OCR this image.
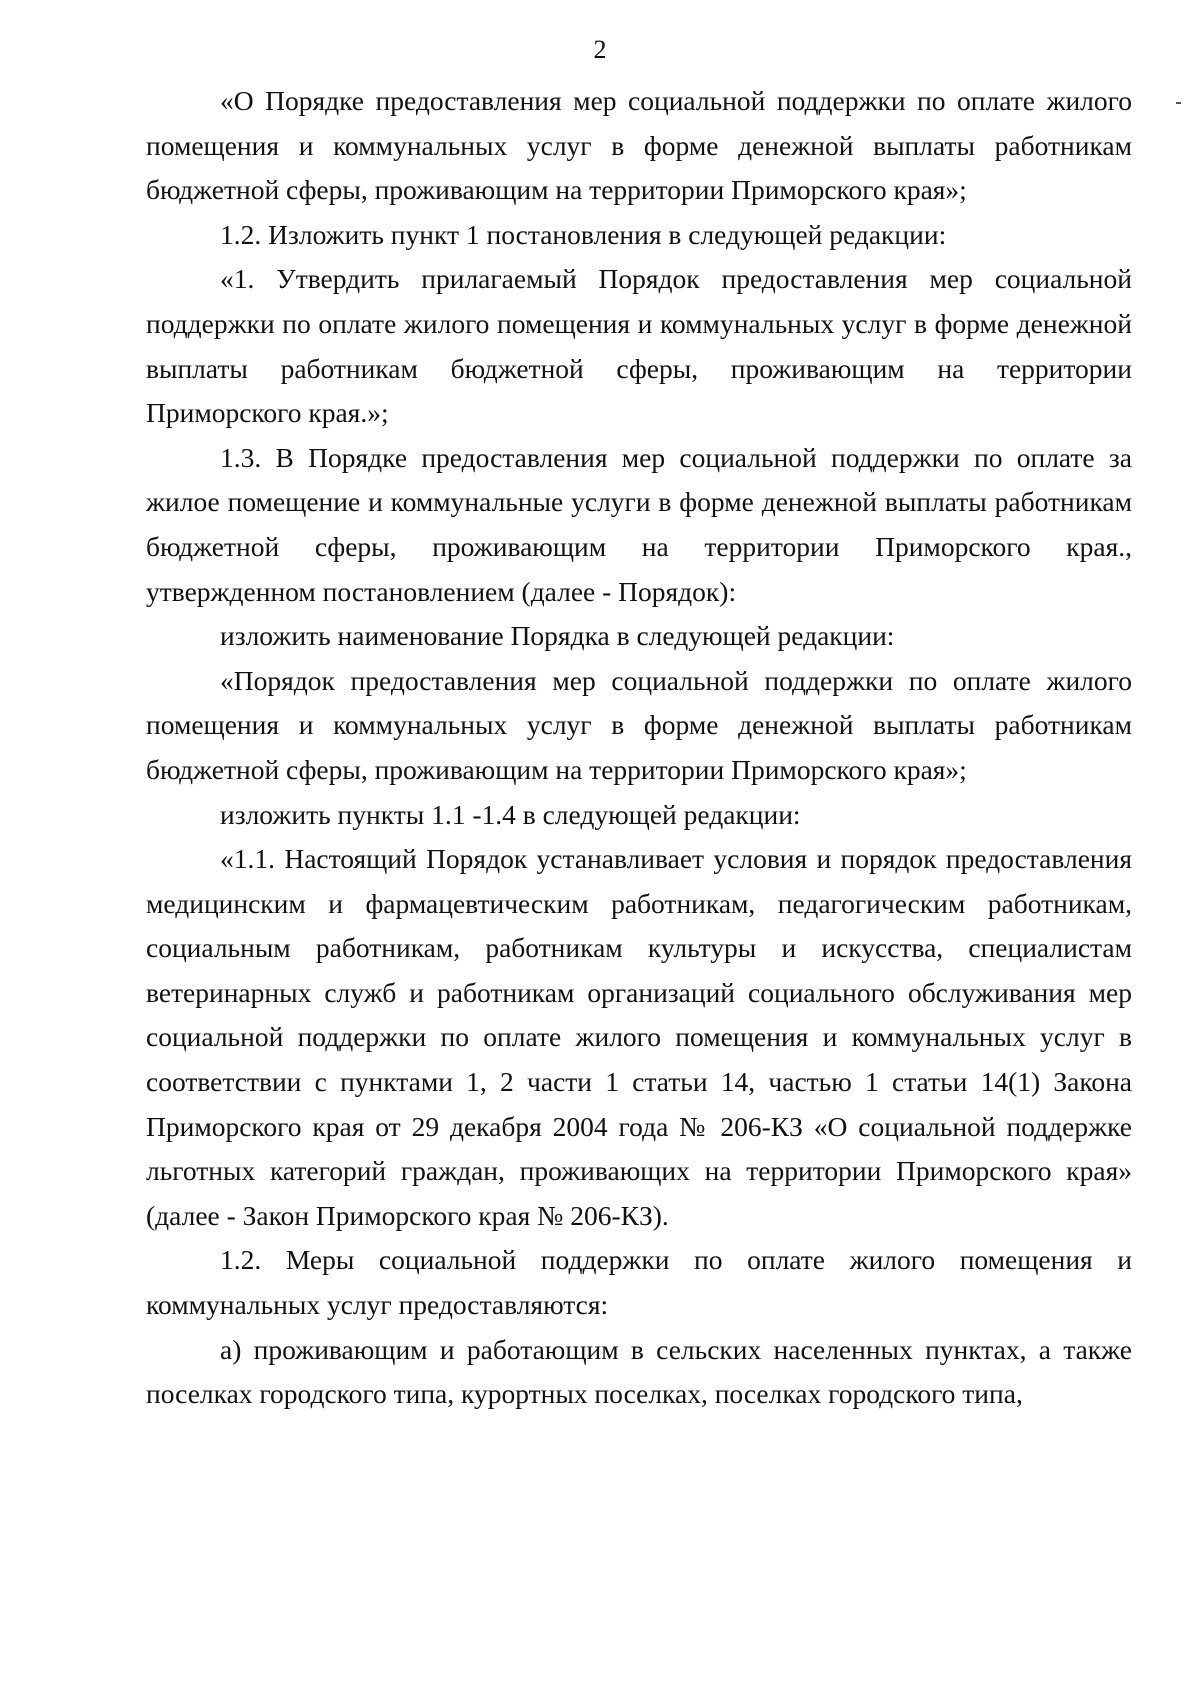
2

«О Порядке предоставления мер социальной поддержки по оплате жилого помещения и коммунальных услуг в форме денежной выплаты работникам бюджетной сферы, проживающим на территории Приморского края»;

1.2. Изложить пункт 1 постановления в следующей редакции:

«1. Утвердить прилагаемый Порядок предоставления мер социальной поддержки по оплате жилого помещения и коммунальных услуг в форме денежной выплаты работникам бюджетной сферы, проживающим на территории Приморского края.»;

1.3. В Порядке предоставления мер социальной поддержки по оплате за жилое помещение и коммунальные услуги в форме денежной выплаты работникам бюджетной сферы, проживающим на территории Приморского края., утвержденном постановлением (далее - Порядок):

изложить наименование Порядка в следующей редакции:

«Порядок предоставления мер социальной поддержки по оплате жилого помещения и коммунальных услуг в форме денежной выплаты работникам бюджетной сферы, проживающим на территории Приморского края»;

изложить пункты 1.1 -1.4 в следующей редакции:

«1.1. Настоящий Порядок устанавливает условия и порядок предоставления медицинским и фармацевтическим работникам, педагогическим работникам, социальным работникам, работникам культуры и искусства, специалистам ветеринарных служб и работникам организаций социального обслуживания мер социальной поддержки по оплате жилого помещения и коммунальных услуг в соответствии с пунктами 1, 2 части 1 статьи 14, частью 1 статьи 14(1) Закона Приморского края от 29 декабря 2004 года № 206-КЗ «О социальной поддержке льготных категорий граждан, проживающих на территории Приморского края» (далее - Закон Приморского края № 206-КЗ).

1.2. Меры социальной поддержки по оплате жилого помещения и коммунальных услуг предоставляются:

а) проживающим и работающим в сельских населенных пунктах, а также поселках городского типа, курортных поселках, поселках городского типа,
